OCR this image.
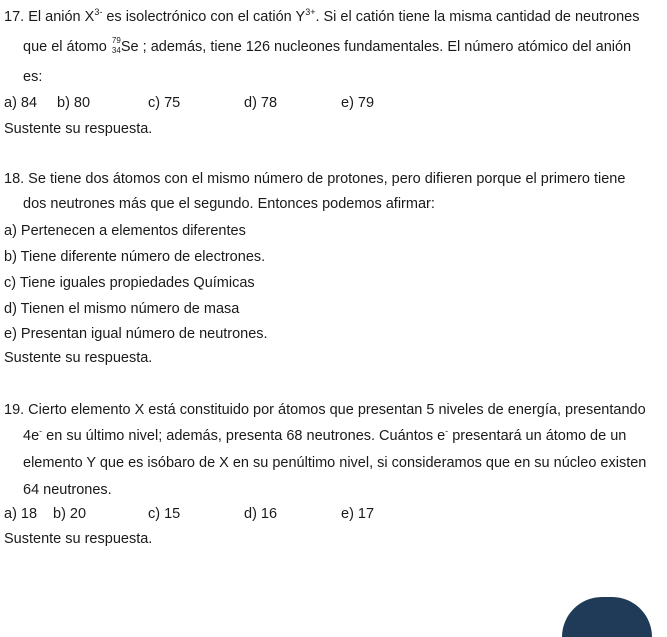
17. El anión $X^{3-}$ es isolectrónico con el catión $Y^{3+}$. Si el catión tiene la misma cantidad de neutrones
que el átomo 79
34 Se ; además, tiene 126 nucleones fundamentales. El número atómico del anión
es:
a) 84 b) 80	c) 75	d) 78	e) 79
Sustente su respuesta.
18. Se tiene dos átomos con el mismo número de protones, pero difieren porque el primero tiene
dos neutrones más que el segundo. Entonces podemos afirmar:
a) Pertenecen a elementos diferentes
b) Tiene diferente número de electrones.
c) Tiene iguales propiedades Químicas
d) Tienen el mismo número de masa
e) Presentan igual número de neutrones.
Sustente su respuesta.
19. Cierto elemento X está constituido por átomos que presentan 5 niveles de energía, presentando
4e- en su último nivel; además, presenta 68 neutrones. Cuántos e- presentará un átomo de un
elemento Y que es isóbaro de X en su penúltimo nivel, si consideramos que en su núcleo existen
64 neutrones.
a) 18 b) 20	c) 15	d) 16	e) 17
Sustente su respuesta.
